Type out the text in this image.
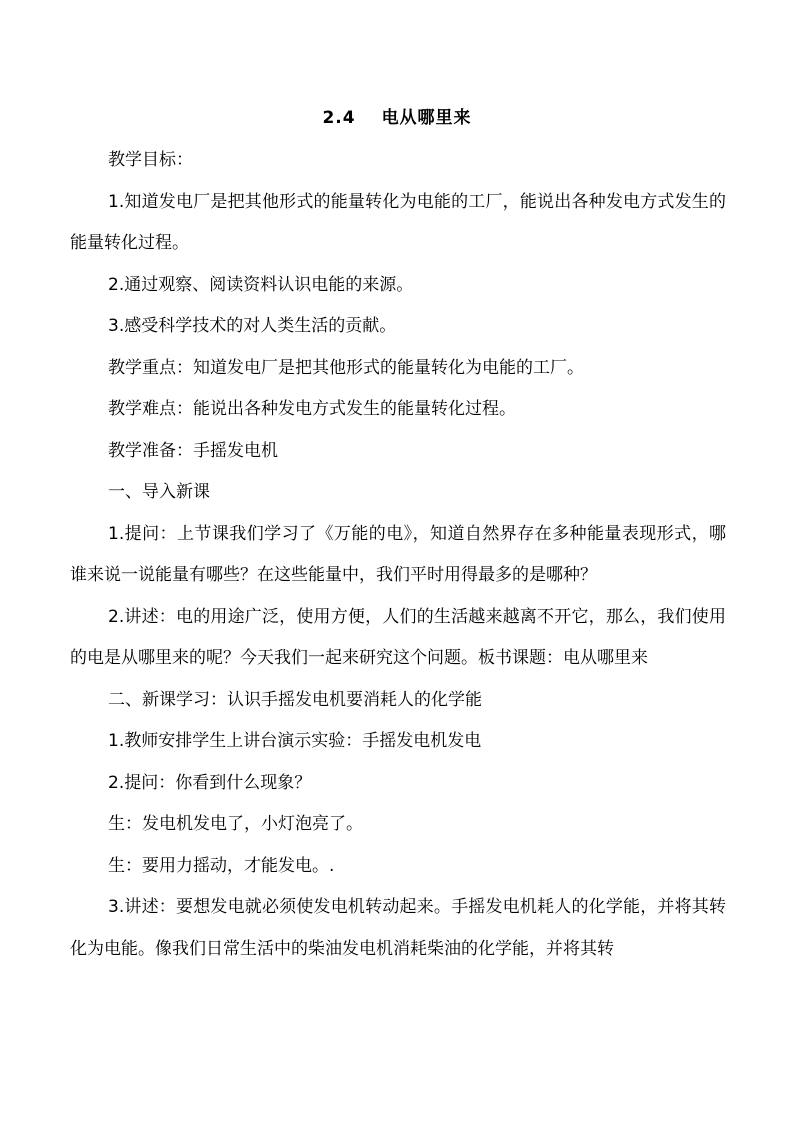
2.4 电从哪里来

教学目标：

1.知道发电厂是把其他形式的能量转化为电能的工厂，能说出各种发电方式发生的能量转化过程。

2.通过观察、阅读资料认识电能的来源。

3.感受科学技术的对人类生活的贡献。

教学重点：知道发电厂是把其他形式的能量转化为电能的工厂。

教学难点：能说出各种发电方式发生的能量转化过程。

教学准备：手摇发电机

一、导入新课

1.提问：上节课我们学习了《万能的电》，知道自然界存在多种能量表现形式，哪谁来说一说能量有哪些？在这些能量中，我们平时用得最多的是哪种？

2.讲述：电的用途广泛，使用方便，人们的生活越来越离不开它，那么，我们使用的电是从哪里来的呢？今天我们一起来研究这个问题。板书课题：电从哪里来

二、新课学习：认识手摇发电机要消耗人的化学能

1.教师安排学生上讲台演示实验：手摇发电机发电

2.提问：你看到什么现象？

生：发电机发电了，小灯泡亮了。

生：要用力摇动，才能发电。.

3.讲述：要想发电就必须使发电机转动起来。手摇发电机耗人的化学能，并将其转化为电能。像我们日常生活中的柴油发电机消耗柴油的化学能，并将其转
